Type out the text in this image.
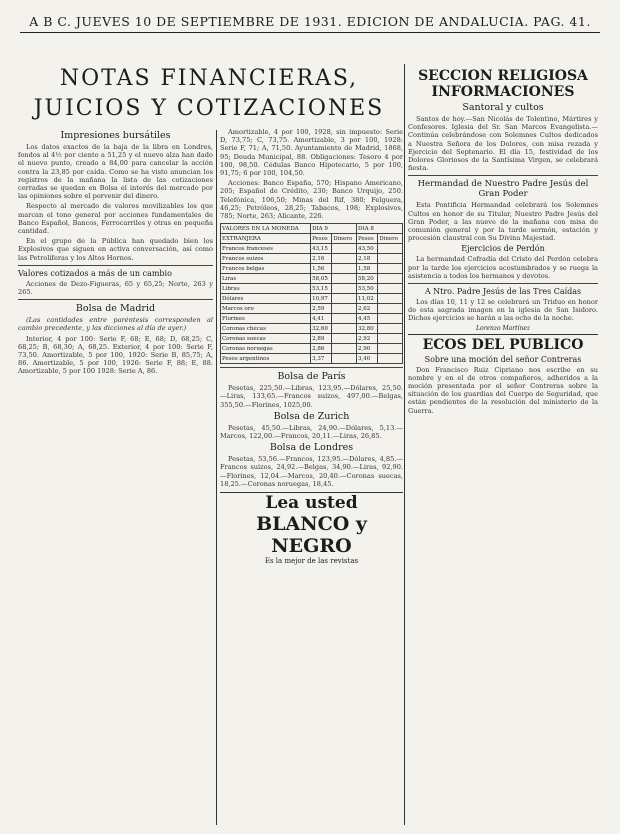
A B C. JUEVES 10 DE SEPTIEMBRE DE 1931. EDICION DE ANDALUCIA. PAG. 41.
NOTAS FINANCIERAS, JUICIOS Y COTIZACIONES
Impresiones bursátiles

Los datos exactos de la baja de la libra en Londres, fondos al 4½ por ciento a 51,25 y el nuevo alza han dado el nuevo punto, creado a 84,00 para cancelar la acción contra la 23,85 por caída. Como se ha visto anuncian los registros de la mañana la lista de las cotizaciones cerradas se quedan en Bolsa el interés del mercado por las opiniones sobre el porvenir del dinero.

Respecto al mercado de valores movilizables los que marcan el tono general por acciones fundamentales de Banco Español, Bancos, Ferrocarriles y otras en pequeña cantidad.

En el grupo de la Pública han quedado bien los Explosivos que siguen en activa conversación, así como las Petrolíferas y los Altos Hornos.

Valores cotizados a más de un cambio

Acciones de Dezo-Figueras, 65 y 65,25; Norte, 263 y 265.

Bolsa de Madrid

(Las cantidades entre paréntesis corresponden al cambio precedente, y las dicciones al día de ayer.)

Interior, 4 por 100: Serie F, 68; E, 68; D, 68,25; C, 68,25; B, 68,30; A, 68,25. Exterior, 4 por 100: Serie F, 73,50. Amortizable, 5 por 100, 1920: Serie B, 85,75; A, 86. Amortizable, 5 por 100, 1926: Serie F, 88; E, 88. Amortizable, 5 por 100 1928: Serie A, 86.

Amortizable, 4 por 100, 1928, sin impuesto: Serie D, 73,75; C, 73,75. Amortizable, 3 por 100, 1928: Serie F, 71; A, 71,50. Ayuntamiento de Madrid, 1868, 95; Deuda Municipal, 88. Obligaciones: Tesoro 4 por 100, 98,50. Cédulas Banco Hipotecario, 5 por 100, 91,75; 6 por 100, 104,50.

Acciones: Banco España, 570; Hispano Americano, 205; Español de Crédito, 230; Banco Urquijo, 250. Telefónica, 106,50; Minas del Rif, 380; Felguera, 46,25; Petróleos, 28,25; Tabacos, 198; Explosivos, 785; Norte, 263; Alicante, 226.

VALORES EN LA MONEDA	DIA 9		DIA 8	
EXTRANJERA	Pesos	Dinero	Pesos	Dinero
Francos franceses	43,15		43,50	
Francos suizos	2,16		2,18	
Francos belgas	1,56		1,58	
Liras	58,05		58,20	
Libras	53,15		53,50	
Dólares	10,97		11,02	
Marcos oro	2,59		2,62	
Florines	4,41		4,45	
Coronas checas	32,60		32,80	
Coronas suecas	2,89		2,92	
Coronas noruegas	2,86		2,90	
Pesos argentinos	3,37		3,40	
Bolsa de París

Pesetas, 225,50.—Libras, 123,95.—Dólares, 25,50.—Liras, 133,65.—Francos suizos, 497,00.—Belgas, 355,50.—Florines, 1025,00.

Bolsa de Zurich

Pesetas, 45,50.—Libras, 24,90.—Dólares, 5,13.—Marcos, 122,00.—Francos, 20,11.—Liras, 26,85.

Bolsa de Londres

Pesetas, 53,56.—Francos, 123,95.—Dólares, 4,85.—Francos suizos, 24,92.—Belgas, 34,90.—Liras, 92,90.—Florines, 12,04.—Marcos, 20,40.—Coronas suecas, 18,25.—Coronas noruegas, 18,45.

Lea usted
BLANCO y NEGRO
Es la mejor de las revistas
SECCION RELIGIOSA INFORMACIONES
Santoral y cultos

Santos de hoy.—San Nicolás de Tolentino, Mártires y Confesores. Iglesia del Sr. San Marcos Evangelista.—Continúa celebrándose con Solemnes Cultos dedicados a Nuestra Señora de los Dolores, con misa rezada y Ejercicio del Septenario. El día 15, festividad de los Dolores Gloriosos de la Santísima Virgen, se celebrará fiesta.

Hermandad de Nuestro Padre Jesús del Gran Poder

Esta Pontificia Hermandad celebrará los Solemnes Cultos en honor de su Titular, Nuestro Padre Jesús del Gran Poder, a las nueve de la mañana con misa de comunión general y por la tarde sermón, estación y procesión claustral con Su Divina Majestad.

Ejercicios de Perdón

La hermandad Cofradía del Cristo del Perdón celebra por la tarde los ejercicios acostumbrados y se ruega la asistencia a todos los hermanos y devotos.

A Ntro. Padre Jesús de las Tres Caídas

Los días 10, 11 y 12 se celebrará un Triduo en honor de esta sagrada imagen en la iglesia de San Isidoro. Dichos ejercicios se harán a las ocho de la noche.

Lorenzo Martínez
ECOS DEL PUBLICO
Sobre una moción del señor Contreras

Don Francisco Ruiz Cipriano nos escribe en su nombre y en el de otros compañeros, adheridos a la moción presentada por el señor Contreras sobre la situación de los guardias del Cuerpo de Seguridad, que están pendientes de la resolución del ministerio de la Guerra.
